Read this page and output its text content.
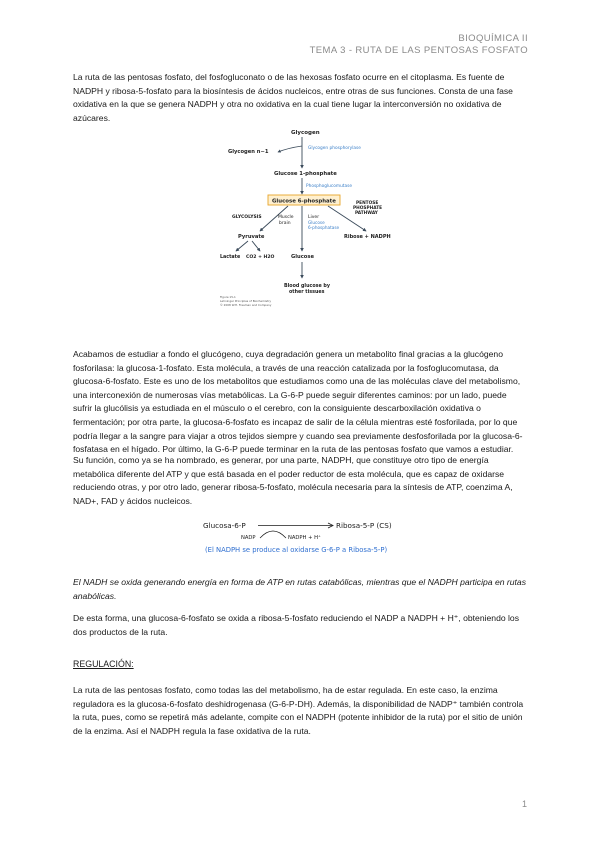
BIOQUÍMICA II
TEMA 3 - RUTA DE LAS PENTOSAS FOSFATO

La ruta de las pentosas fosfato, del fosfogluconato o de las hexosas fosfato ocurre en el citoplasma. Es fuente de NADPH y ribosa-5-fosfato para la biosíntesis de ácidos nucleicos, entre otras de sus funciones. Consta de una fase oxidativa en la que se genera NADPH y otra no oxidativa en la cual tiene lugar la interconversión no oxidativa de azúcares.

Glycogen
Glycogen n−1
Glycogen phosphorylase
Glucose 1-phosphate
Phosphoglucomutase
Glucose 6-phosphate	PENTOSE
PHOSPHATE
PATHWAY
GLYCOLYSIS	Muscle
brain
Liver
Glucose
6-phosphatase
Pyruvate	Ribose + NADPH
Lactate CO2 + H2O	Glucose
Blood glucose by
other tissues
Figure 15-1
Lehninger Principles of Biochemistry
© 2008 W.H. Freeman and Company

Acabamos de estudiar a fondo el glucógeno, cuya degradación genera un metabolito final gracias a la glucógeno fosforilasa: la glucosa-1-fosfato. Esta molécula, a través de una reacción catalizada por la fosfoglucomutasa, da glucosa-6-fosfato. Este es uno de los metabolitos que estudiamos como una de las moléculas clave del metabolismo, una interconexión de numerosas vías metabólicas. La G-6-P puede seguir diferentes caminos: por un lado, puede sufrir la glucólisis ya estudiada en el músculo o el cerebro, con la consiguiente descarboxilación oxidativa o fermentación; por otra parte, la glucosa-6-fosfato es incapaz de salir de la célula mientras esté fosforilada, por lo que podría llegar a la sangre para viajar a otros tejidos siempre y cuando sea previamente desfosforilada por la glucosa-6-fosfatasa en el hígado. Por último, la G-6-P puede terminar en la ruta de las pentosas fosfato que vamos a estudiar.

Su función, como ya se ha nombrado, es generar, por una parte, NADPH, que constituye otro tipo de energía metabólica diferente del ATP y que está basada en el poder reductor de esta molécula, que es capaz de oxidarse reduciendo otras, y por otro lado, generar ribosa-5-fosfato, molécula necesaria para la síntesis de ATP, coenzima A, NAD+, FAD y ácidos nucleicos.

Glucosa-6-P	Ribosa-5-P (CS)
NADP	NADPH + H⁺
(El NADPH se produce al oxidarse G-6-P a Ribosa-5-P)

El NADH se oxida generando energía en forma de ATP en rutas catabólicas, mientras que el NADPH participa en rutas anabólicas.

De esta forma, una glucosa-6-fosfato se oxida a ribosa-5-fosfato reduciendo el NADP a NADPH + H⁺, obteniendo los dos productos de la ruta.

REGULACIÓN:

La ruta de las pentosas fosfato, como todas las del metabolismo, ha de estar regulada. En este caso, la enzima reguladora es la glucosa-6-fosfato deshidrogenasa (G-6-P-DH). Además, la disponibilidad de NADP⁺ también controla la ruta, pues, como se repetirá más adelante, compite con el NADPH (potente inhibidor de la ruta) por el sitio de unión de la enzima. Así el NADPH regula la fase oxidativa de la ruta.

1
